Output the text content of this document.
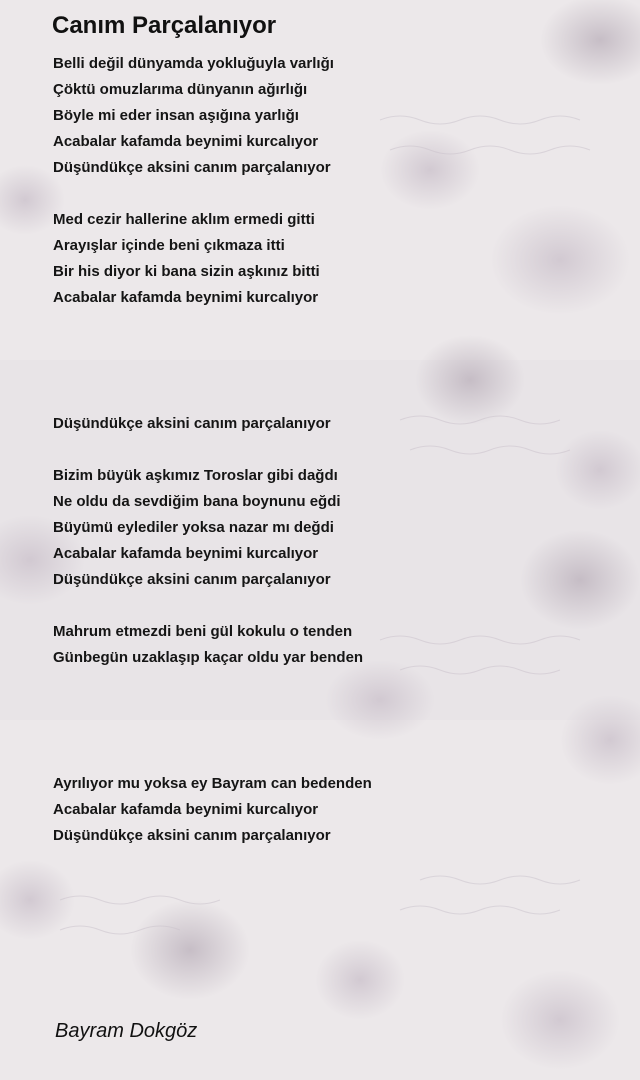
Canım Parçalanıyor

Belli değil dünyamda yokluğuyla varlığı

Çöktü omuzlarıma dünyanın ağırlığı

Böyle mi eder insan aşığına yarlığı

Acabalar kafamda beynimi kurcalıyor

Düşündükçe aksini canım parçalanıyor

Med cezir hallerine aklım ermedi gitti

Arayışlar içinde beni çıkmaza itti

Bir his diyor ki bana sizin aşkınız bitti

Acabalar kafamda beynimi kurcalıyor

Düşündükçe aksini canım parçalanıyor

Bizim büyük aşkımız Toroslar gibi dağdı

Ne oldu da sevdiğim bana boynunu eğdi

Büyümü eylediler yoksa nazar mı değdi

Acabalar kafamda beynimi kurcalıyor

Düşündükçe aksini canım parçalanıyor

Mahrum etmezdi beni gül kokulu o tenden

Günbegün uzaklaşıp kaçar oldu yar benden

Ayrılıyor mu yoksa ey Bayram can bedenden

Acabalar kafamda beynimi kurcalıyor

Düşündükçe aksini canım parçalanıyor

Bayram Dokgöz
